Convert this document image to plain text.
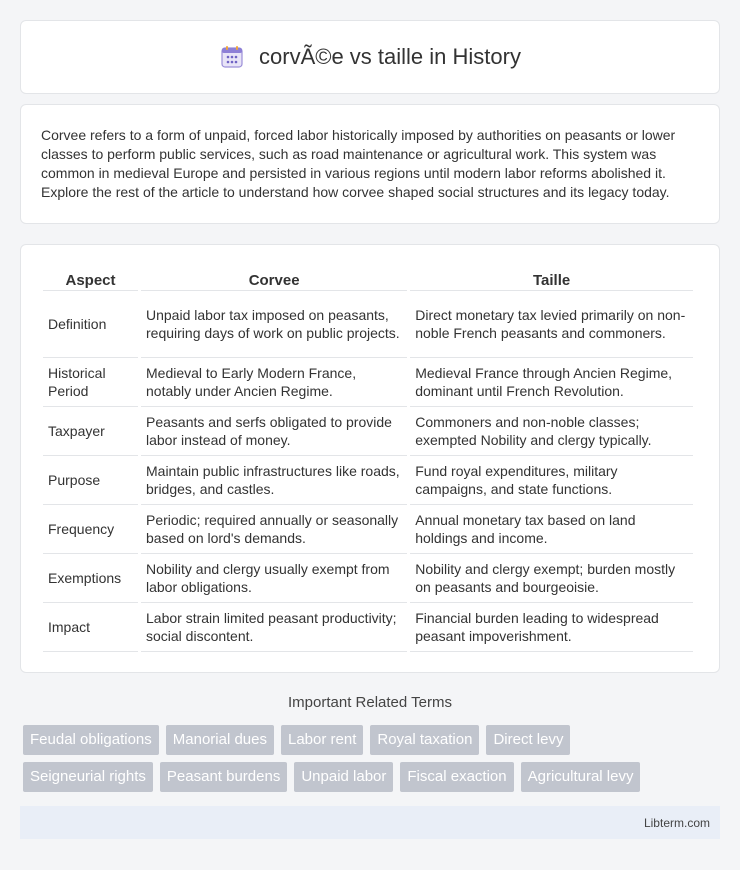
corvÃ©e vs taille in History

Corvee refers to a form of unpaid, forced labor historically imposed by authorities on peasants or lower classes to perform public services, such as road maintenance or agricultural work. This system was common in medieval Europe and persisted in various regions until modern labor reforms abolished it. Explore the rest of the article to understand how corvee shaped social structures and its legacy today.

Aspect	Corvee	Taille
Definition	Unpaid labor tax imposed on peasants, requiring days of work on public projects.	Direct monetary tax levied primarily on non-noble French peasants and commoners.
Historical Period	Medieval to Early Modern France, notably under Ancien Regime.	Medieval France through Ancien Regime, dominant until French Revolution.
Taxpayer	Peasants and serfs obligated to provide labor instead of money.	Commoners and non-noble classes; exempted Nobility and clergy typically.
Purpose	Maintain public infrastructures like roads, bridges, and castles.	Fund royal expenditures, military campaigns, and state functions.
Frequency	Periodic; required annually or seasonally based on lord's demands.	Annual monetary tax based on land holdings and income.
Exemptions	Nobility and clergy usually exempt from labor obligations.	Nobility and clergy exempt; burden mostly on peasants and bourgeoisie.
Impact	Labor strain limited peasant productivity; social discontent.	Financial burden leading to widespread peasant impoverishment.
Important Related Terms
Feudal obligations	Manorial dues	Labor rent	Royal taxation	Direct levy
Seigneurial rights	Peasant burdens	Unpaid labor	Fiscal exaction	Agricultural levy
Libterm.com
